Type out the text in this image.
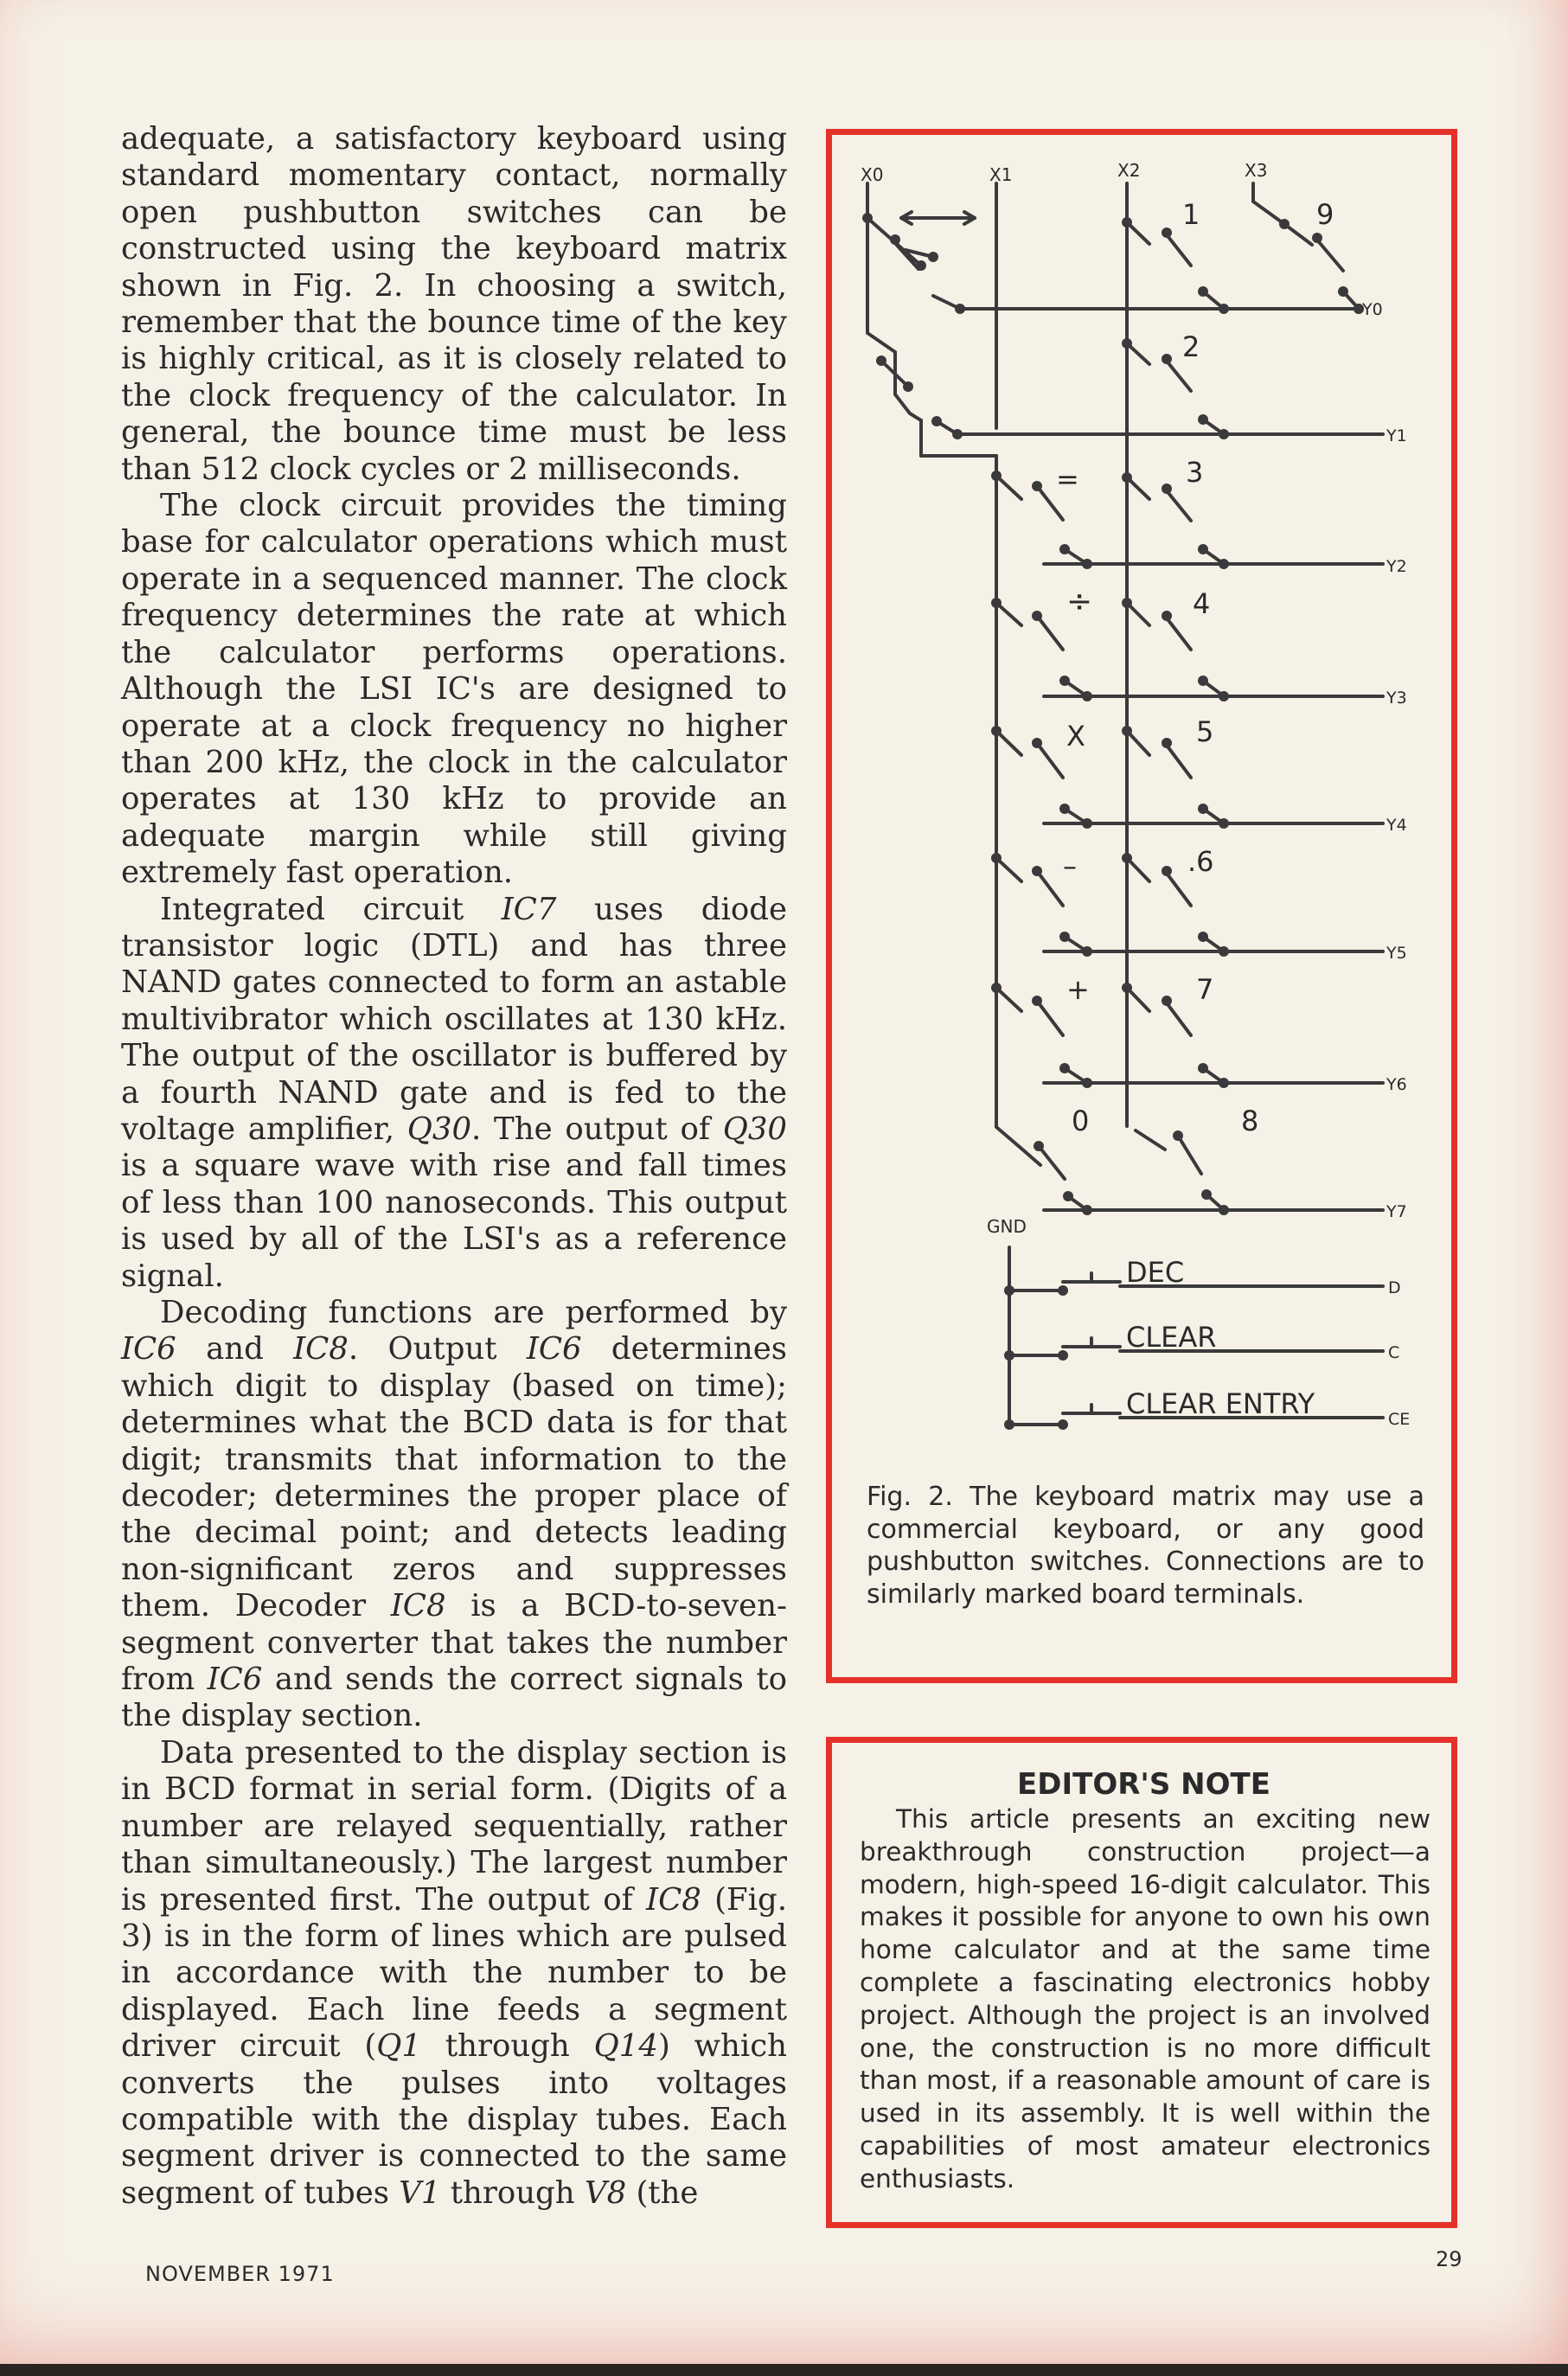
adequate, a satisfactory keyboard using standard momentary contact, normally open pushbutton switches can be constructed using the keyboard matrix shown in Fig. 2. In choosing a switch, remember that the bounce time of the key is highly critical, as it is closely related to the clock frequency of the calculator. In general, the bounce time must be less than 512 clock cycles or 2 milliseconds.

The clock circuit provides the timing base for calculator operations which must operate in a sequenced manner. The clock frequency determines the rate at which the calculator performs operations. Although the LSI IC's are designed to operate at a clock frequency no higher than 200 kHz, the clock in the calculator operates at 130 kHz to provide an adequate margin while still giving extremely fast operation.

Integrated circuit IC7 uses diode transistor logic (DTL) and has three NAND gates connected to form an astable multivibrator which oscillates at 130 kHz. The output of the oscillator is buffered by a fourth NAND gate and is fed to the voltage amplifier, Q30. The output of Q30 is a square wave with rise and fall times of less than 100 nanoseconds. This output is used by all of the LSI's as a reference signal.

Decoding functions are performed by IC6 and IC8. Output IC6 determines which digit to display (based on time); determines what the BCD data is for that digit; transmits that information to the decoder; determines the proper place of the decimal point; and detects leading non-significant zeros and suppresses them. Decoder IC8 is a BCD-to-seven-segment converter that takes the number from IC6 and sends the correct signals to the display section.

Data presented to the display section is in BCD format in serial form. (Digits of a number are relayed sequentially, rather than simultaneously.) The largest number is presented first. The output of IC8 (Fig. 3) is in the form of lines which are pulsed in accordance with the number to be displayed. Each line feeds a segment driver circuit (Q1 through Q14) which converts the pulses into voltages compatible with the display tubes. Each segment driver is connected to the same segment of tubes V1 through V8 (the

X0	X1	X2	X3
Y0
Y1
Y2
Y3
Y4
Y5
Y6
Y7
1	9
2
=	3
÷	4
X	5
–	.6
+	7
0	8
GND
DEC
CLEAR
CLEAR ENTRY
D
C
CE

Fig. 2. The keyboard matrix may use a commercial keyboard, or any good pushbutton switches. Connections are to similarly marked board terminals.

EDITOR'S NOTE

This article presents an exciting new breakthrough construction project—a modern, high-speed 16-digit calculator. This makes it possible for anyone to own his own home calculator and at the same time complete a fascinating electronics hobby project. Although the project is an involved one, the construction is no more difficult than most, if a reasonable amount of care is used in its assembly. It is well within the capabilities of most amateur electronics enthusiasts.

NOVEMBER 1971
29
